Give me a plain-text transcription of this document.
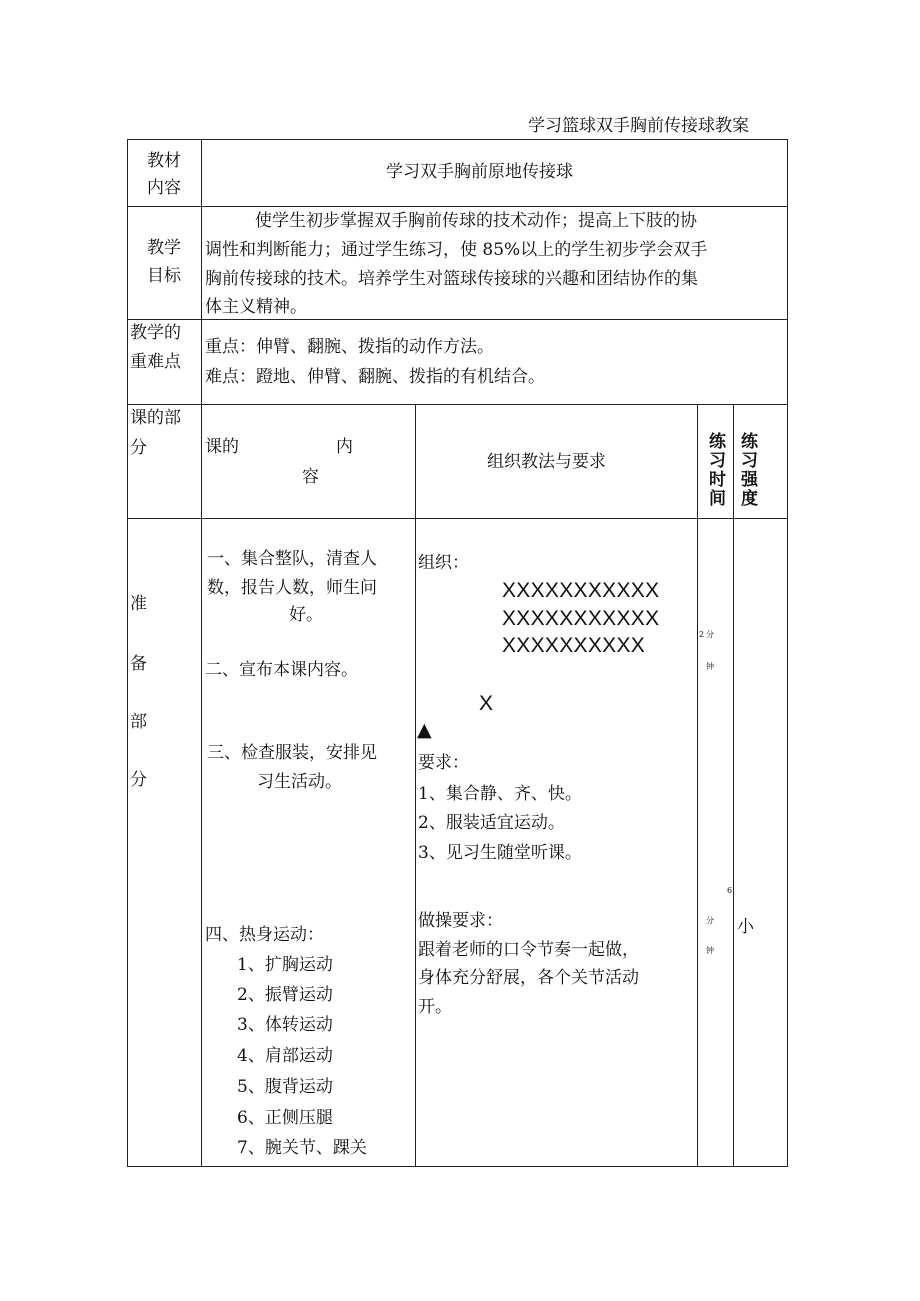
学习篮球双手胸前传接球教案
教材
内容
学习双手胸前原地传接球
教学
目标
使学生初步掌握双手胸前传球的技术动作；提高上下肢的协
调性和判断能力；通过学生练习，使 85%以上的学生初步学会双手
胸前传接球的技术。培养学生对篮球传接球的兴趣和团结协作的集
体主义精神。
教学的
重难点
重点：伸臂、翻腕、拨指的动作方法。
难点：蹬地、伸臂、翻腕、拨指的有机结合。
课的部
分	课的	内
容
组织教法与要求
练
习
时
间
练
习
强
度
准
备
部
分
一、集合整队，清查人
数，报告人数，师生问
好。
二、宣布本课内容。
三、检查服装，安排见
习生活动。
四、热身运动：
1、扩胸运动
2、振臂运动
3、体转运动
4、肩部运动
5、腹背运动
6、正侧压腿
7、腕关节、踝关
组织：
XXXXXXXXXXX
XXXXXXXXXXX
XXXXXXXXXX
X
▲
要求：
1、集合静、齐、快。
2、服装适宜运动。
3、见习生随堂听课。
做操要求：
跟着老师的口令节奏一起做，
身体充分舒展，各个关节活动
开。
2 分
钟
6
分
钟
小
